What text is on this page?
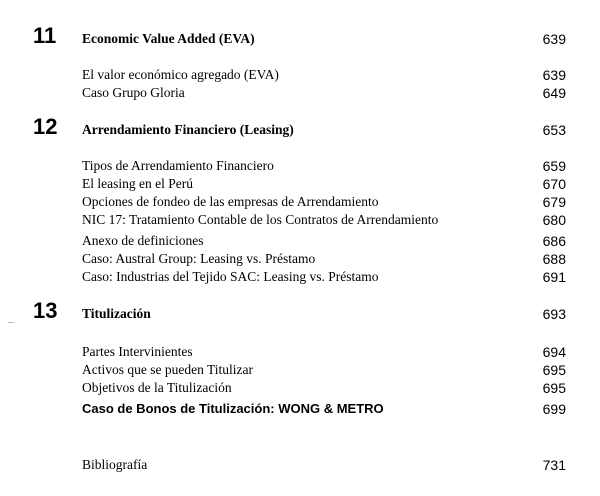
11 Economic Value Added (EVA)	639
El valor económico agregado (EVA)	639
Caso Grupo Gloria	649
12 Arrendamiento Financiero (Leasing)	653
Tipos de Arrendamiento Financiero	659
El leasing en el Perú	670
Opciones de fondeo de las empresas de Arrendamiento	679
NIC 17: Tratamiento Contable de los Contratos de Arrendamiento	680
Anexo de definiciones	686
Caso: Austral Group: Leasing vs. Préstamo	688
Caso: Industrias del Tejido SAC: Leasing vs. Préstamo	691
13 Titulización	693
Partes Intervinientes	694
Activos que se pueden Titulizar	695
Objetivos de la Titulización	695
Caso de Bonos de Titulización: WONG & METRO	699
Bibliografía	731
